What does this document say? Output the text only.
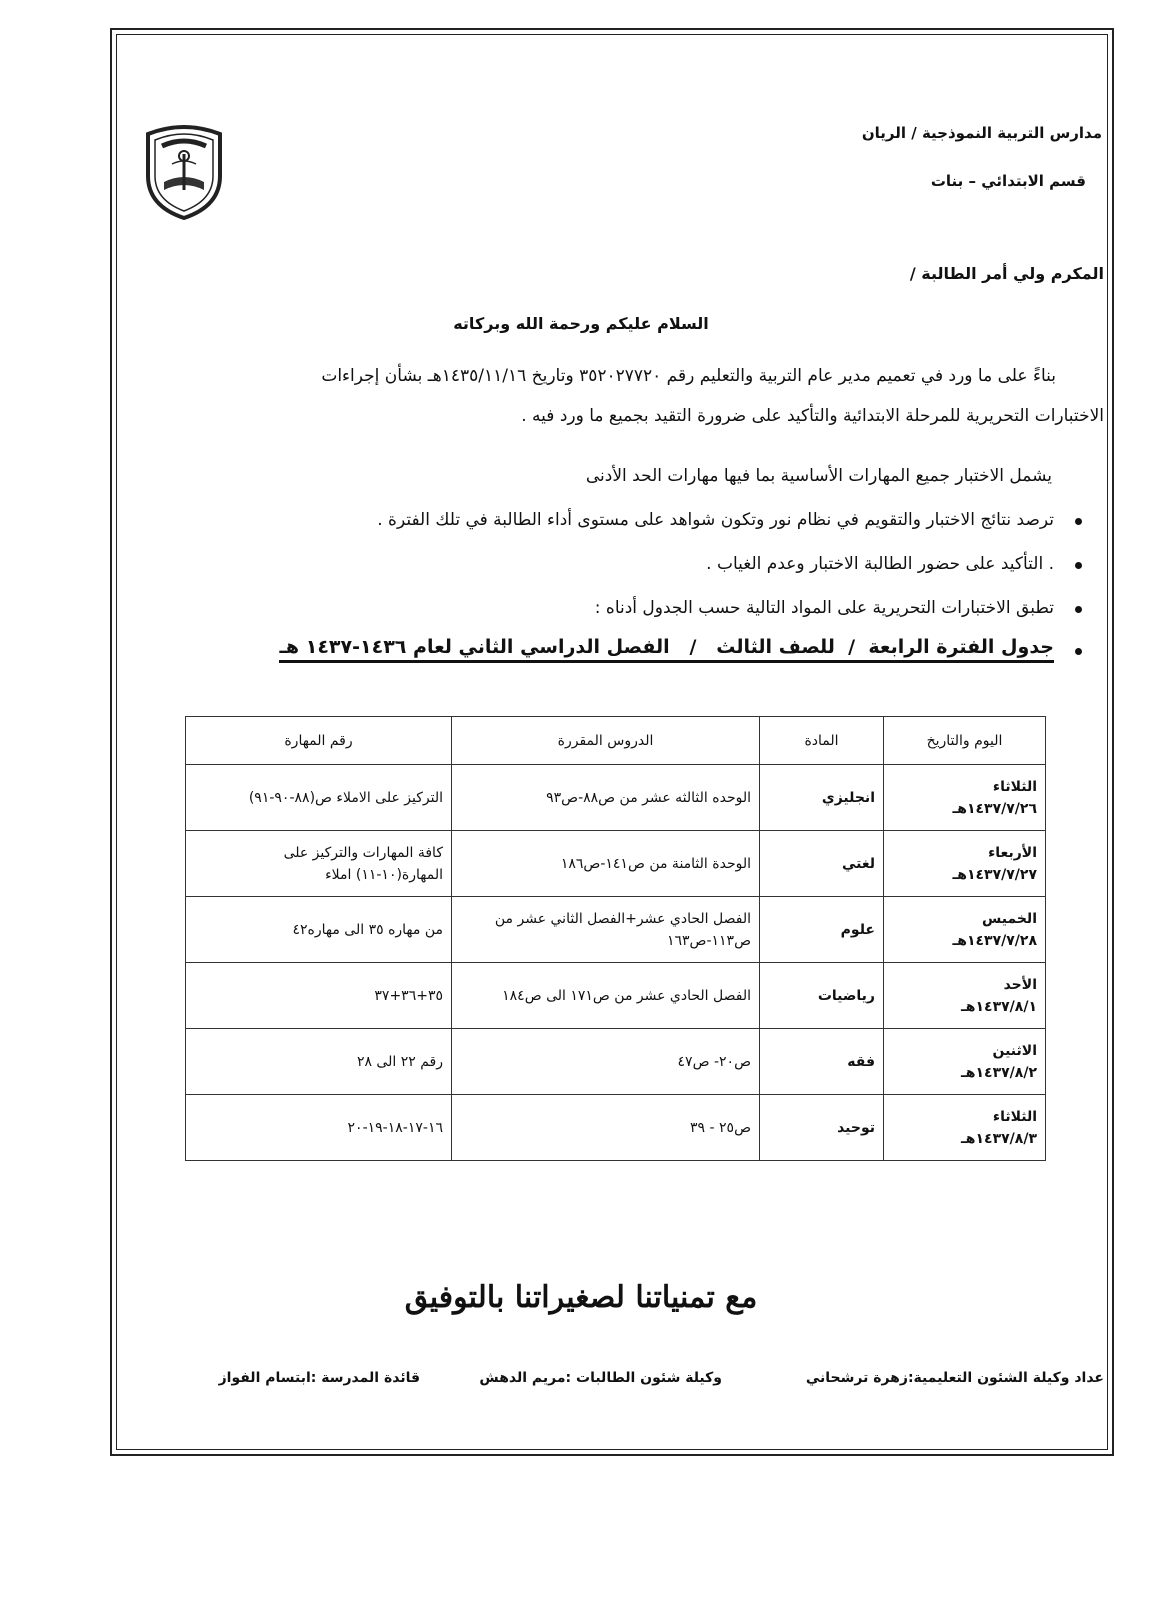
مدارس التربية النموذجية / الريان
قسم الابتدائي – بنات
المكرم ولي أمر الطالبة /
السلام عليكم ورحمة الله وبركاته
بناءً على ما ورد في تعميم مدير عام التربية والتعليم رقم ٣٥٢٠٢٧٧٢٠ وتاريخ ١٤٣٥/١١/١٦هـ بشأن إجراءات
الاختبارات التحريرية للمرحلة الابتدائية والتأكيد على ضرورة التقيد بجميع ما ورد فيه .
يشمل الاختبار جميع المهارات الأساسية بما فيها مهارات الحد الأدنى
ترصد نتائج الاختبار والتقويم في نظام نور وتكون شواهد على مستوى أداء الطالبة في تلك الفترة .
. التأكيد على حضور الطالبة الاختبار وعدم الغياب .
تطبق الاختبارات التحريرية على المواد التالية حسب الجدول أدناه :
جدول الفترة الرابعة  /  للصف الثالث   /   الفصل الدراسي الثاني لعام ١٤٣٦-١٤٣٧ هـ
اليوم والتاريخ	المادة	الدروس المقررة	رقم المهارة

الثلاثاء
١٤٣٧/٧/٢٦هـ	انجليزي	الوحده الثالثه عشر من ص٨٨-ص٩٣	التركيز على الاملاء ص(٨٨-٩٠-٩١)

الأربعاء
١٤٣٧/٧/٢٧هـ	لغتي	الوحدة الثامنة من ص١٤١-ص١٨٦	كافة المهارات والتركيز على المهارة(١٠-١١) املاء

الخميس
١٤٣٧/٧/٢٨هـ	علوم	الفصل الحادي عشر+الفصل الثاني عشر من ص١١٣-ص١٦٣	من مهاره ٣٥ الى مهاره٤٢

الأحد
١٤٣٧/٨/١هـ	رياضيات	الفصل الحادي عشر من ص١٧١ الى ص١٨٤	٣٥+٣٦+٣٧

الاثنين
١٤٣٧/٨/٢هـ	فقه	ص٢٠- ص٤٧	رقم ٢٢ الى ٢٨

الثلاثاء
١٤٣٧/٨/٣هـ	توحيد	ص٢٥ - ٣٩	١٦-١٧-١٨-١٩-٢٠
مع تمنياتنا لصغيراتنا بالتوفيق
عداد وكيلة الشئون التعليمية:زهرة ترشحاني
وكيلة شئون الطالبات :مريم الدهش
قائدة المدرسة :ابتسام الفواز
